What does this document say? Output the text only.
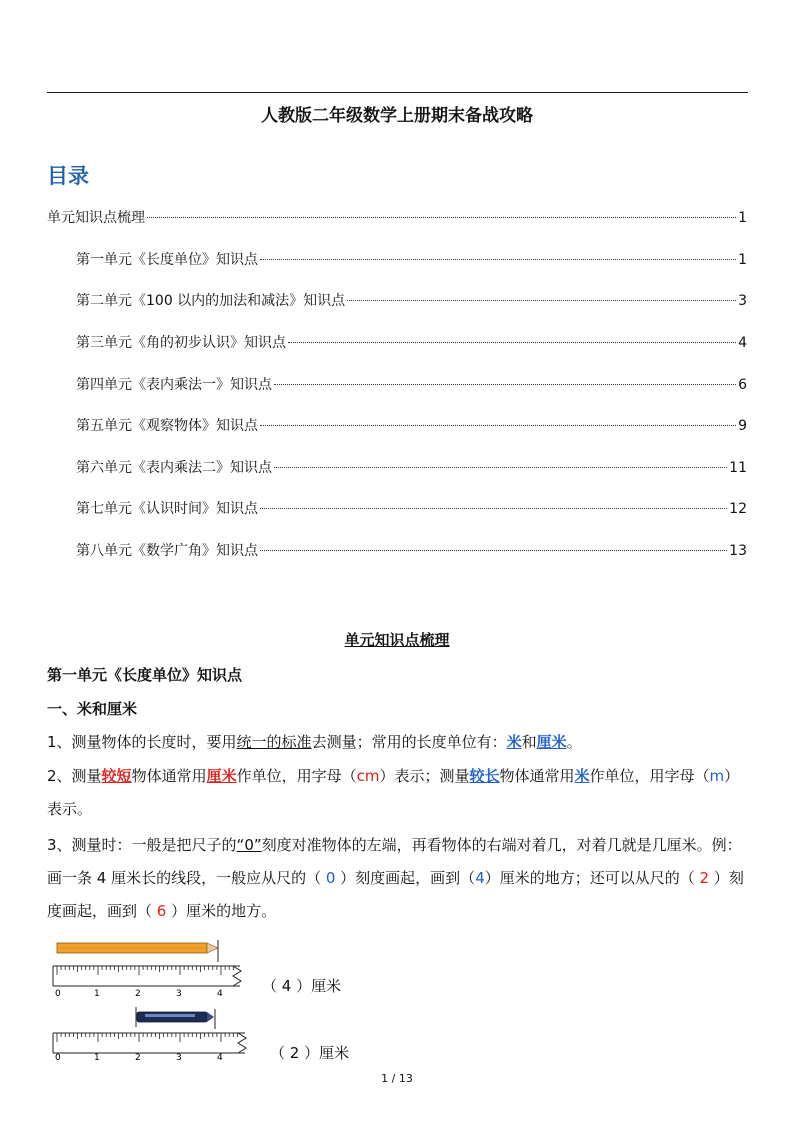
人教版二年级数学上册期末备战攻略
目录
单元知识点梳理	1
第一单元《长度单位》知识点	1
第二单元《100 以内的加法和减法》知识点	3
第三单元《角的初步认识》知识点	4
第四单元《表内乘法一》知识点	6
第五单元《观察物体》知识点	9
第六单元《表内乘法二》知识点	11
第七单元《认识时间》知识点	12
第八单元《数学广角》知识点	13
单元知识点梳理
第一单元《长度单位》知识点
一、米和厘米
1、测量物体的长度时，要用统一的标准去测量；常用的长度单位有：米和厘米。
2、测量较短物体通常用厘米作单位，用字母（cm）表示；测量较长物体通常用米作单位，用字母（m）表示。
3、测量时：一般是把尺子的“0”刻度对准物体的左端，再看物体的右端对着几，对着几就是几厘米。例：画一条 4 厘米长的线段，一般应从尺的（ 0 ）刻度画起，画到（4）厘米的地方；还可以从尺的（ 2 ）刻度画起，画到（ 6 ）厘米的地方。
0	1	2	3	4	（ 4 ）厘米
0	1	2	3	4	（ 2 ）厘米
1 / 13
